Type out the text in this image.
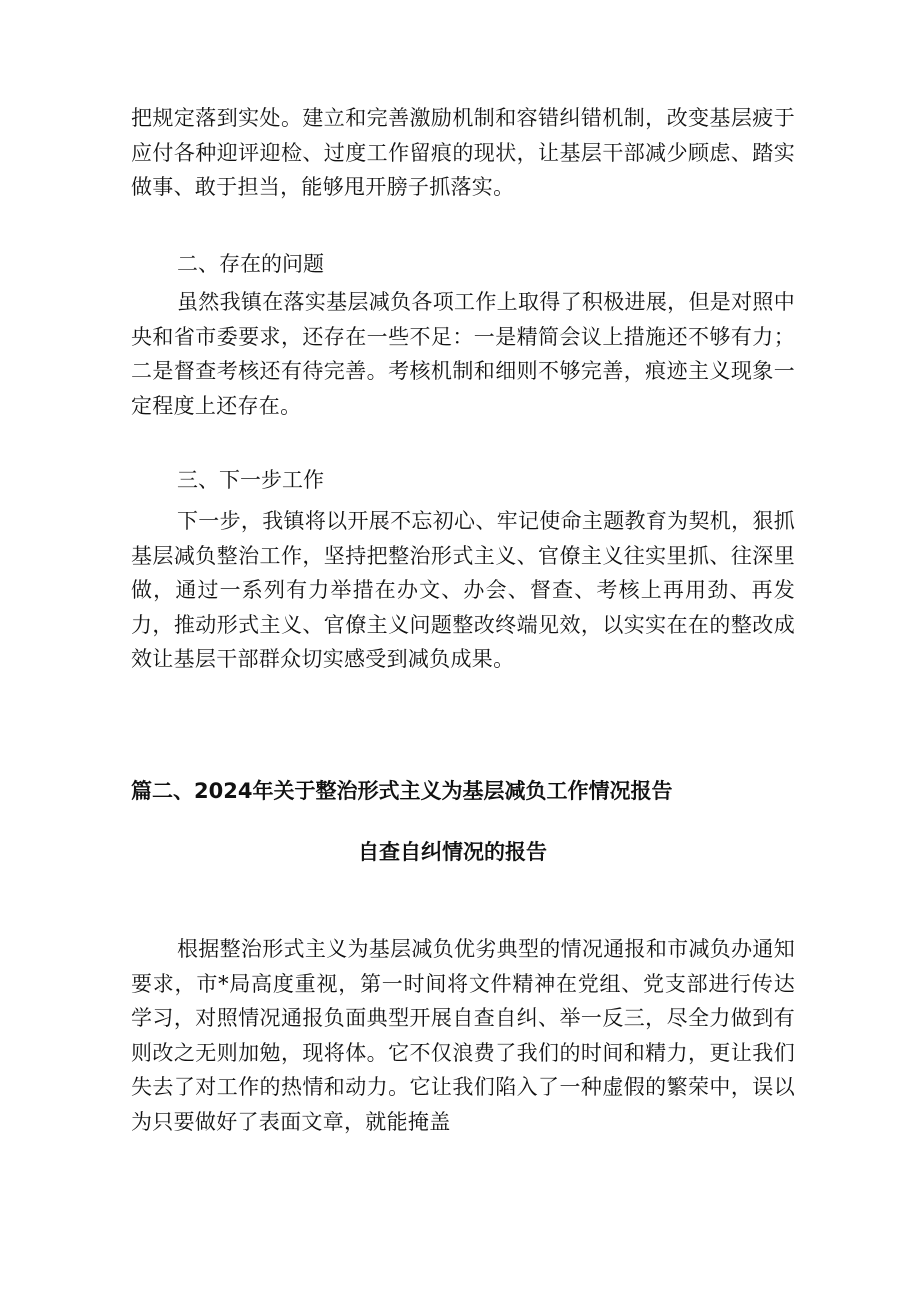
把规定落到实处。建立和完善激励机制和容错纠错机制，改变基层疲于应付各种迎评迎检、过度工作留痕的现状，让基层干部减少顾虑、踏实做事、敢于担当，能够甩开膀子抓落实。

二、存在的问题

虽然我镇在落实基层减负各项工作上取得了积极进展，但是对照中央和省市委要求，还存在一些不足：一是精简会议上措施还不够有力；二是督查考核还有待完善。考核机制和细则不够完善，痕迹主义现象一定程度上还存在。

三、下一步工作

下一步，我镇将以开展不忘初心、牢记使命主题教育为契机，狠抓基层减负整治工作，坚持把整治形式主义、官僚主义往实里抓、往深里做，通过一系列有力举措在办文、办会、督查、考核上再用劲、再发力，推动形式主义、官僚主义问题整改终端见效，以实实在在的整改成效让基层干部群众切实感受到减负成果。

篇二、2024年关于整治形式主义为基层减负工作情况报告
自查自纠情况的报告

根据整治形式主义为基层减负优劣典型的情况通报和市减负办通知要求，市*局高度重视，第一时间将文件精神在党组、党支部进行传达学习，对照情况通报负面典型开展自查自纠、举一反三，尽全力做到有则改之无则加勉，现将体。它不仅浪费了我们的时间和精力，更让我们失去了对工作的热情和动力。它让我们陷入了一种虚假的繁荣中，误以为只要做好了表面文章，就能掩盖
